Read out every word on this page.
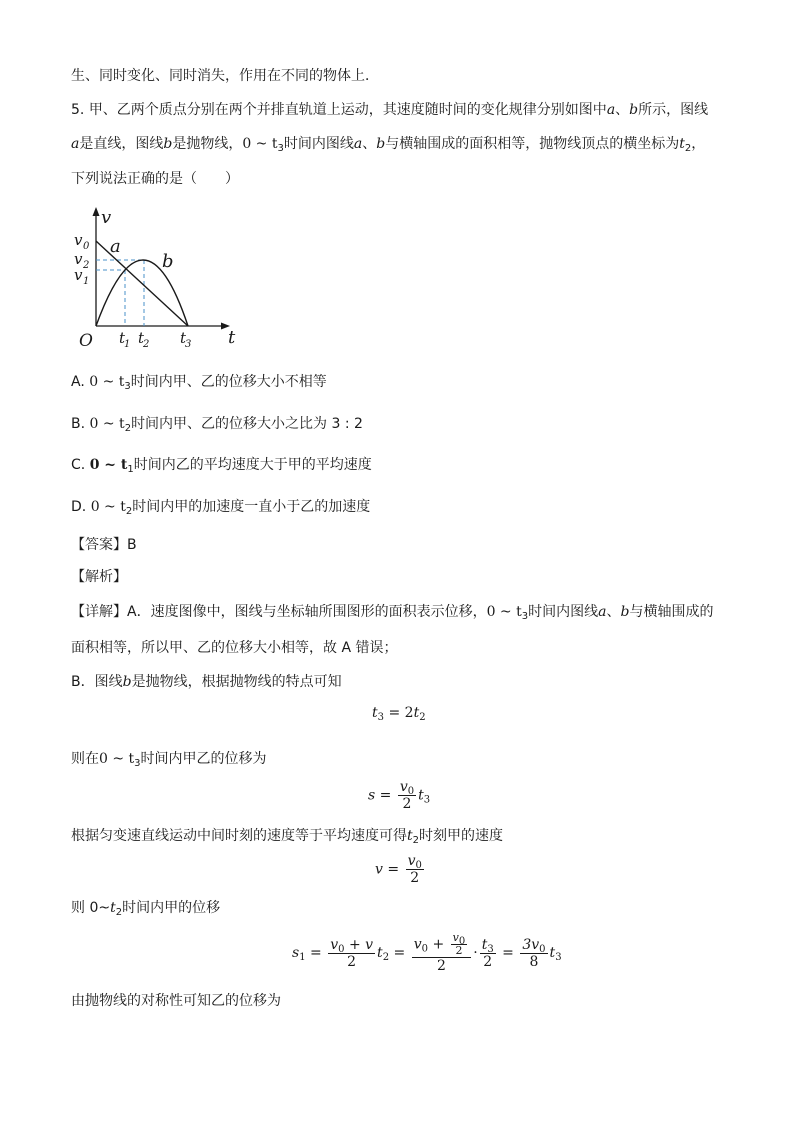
生、同时变化、同时消失，作用在不同的物体上．
5. 甲、乙两个质点分别在两个并排直轨道上运动，其速度随时间的变化规律分别如图中a、b所示，图线
a是直线，图线b是抛物线，0 ~ $t_3$时间内图线a、b与横轴围成的面积相等，抛物线顶点的横坐标为$t_2$，
下列说法正确的是（　　）
v
t
O
v 0
v 2
v 1
a
b
t
1 t
2 t
3
A. 0 ~ $t_3$时间内甲、乙的位移大小不相等
B. 0 ~ $t_2$时间内甲、乙的位移大小之比为 3 : 2
C. 0 ~ $t_1$时间内乙的平均速度大于甲的平均速度
D. 0 ~ $t_2$时间内甲的加速度一直小于乙的加速度
【答案】B
【解析】
【详解】A．速度图像中，图线与坐标轴所围图形的面积表示位移，0 ~ $t_3$时间内图线a、b与横轴围成的
面积相等，所以甲、乙的位移大小相等，故 A 错误；
B．图线b是抛物线，根据抛物线的特点可知
$t_3 = 2t_2$
则在0 ~ $t_3$时间内甲乙的位移为
$s = \frac{v_0}{2} t_3$
根据匀变速直线运动中间时刻的速度等于平均速度可得$t_2$时刻甲的速度
$v = \frac{v_0}{2}$
则 $0\sim t_2$时间内甲的位移
$s_1 = \frac{v_0 + v}{2} t_2 = \frac{v_0 + \frac{v_0}{2}}{2} \cdot \frac{t_3}{2} = \frac{3v_0}{8} t_3$
由抛物线的对称性可知乙的位移为
